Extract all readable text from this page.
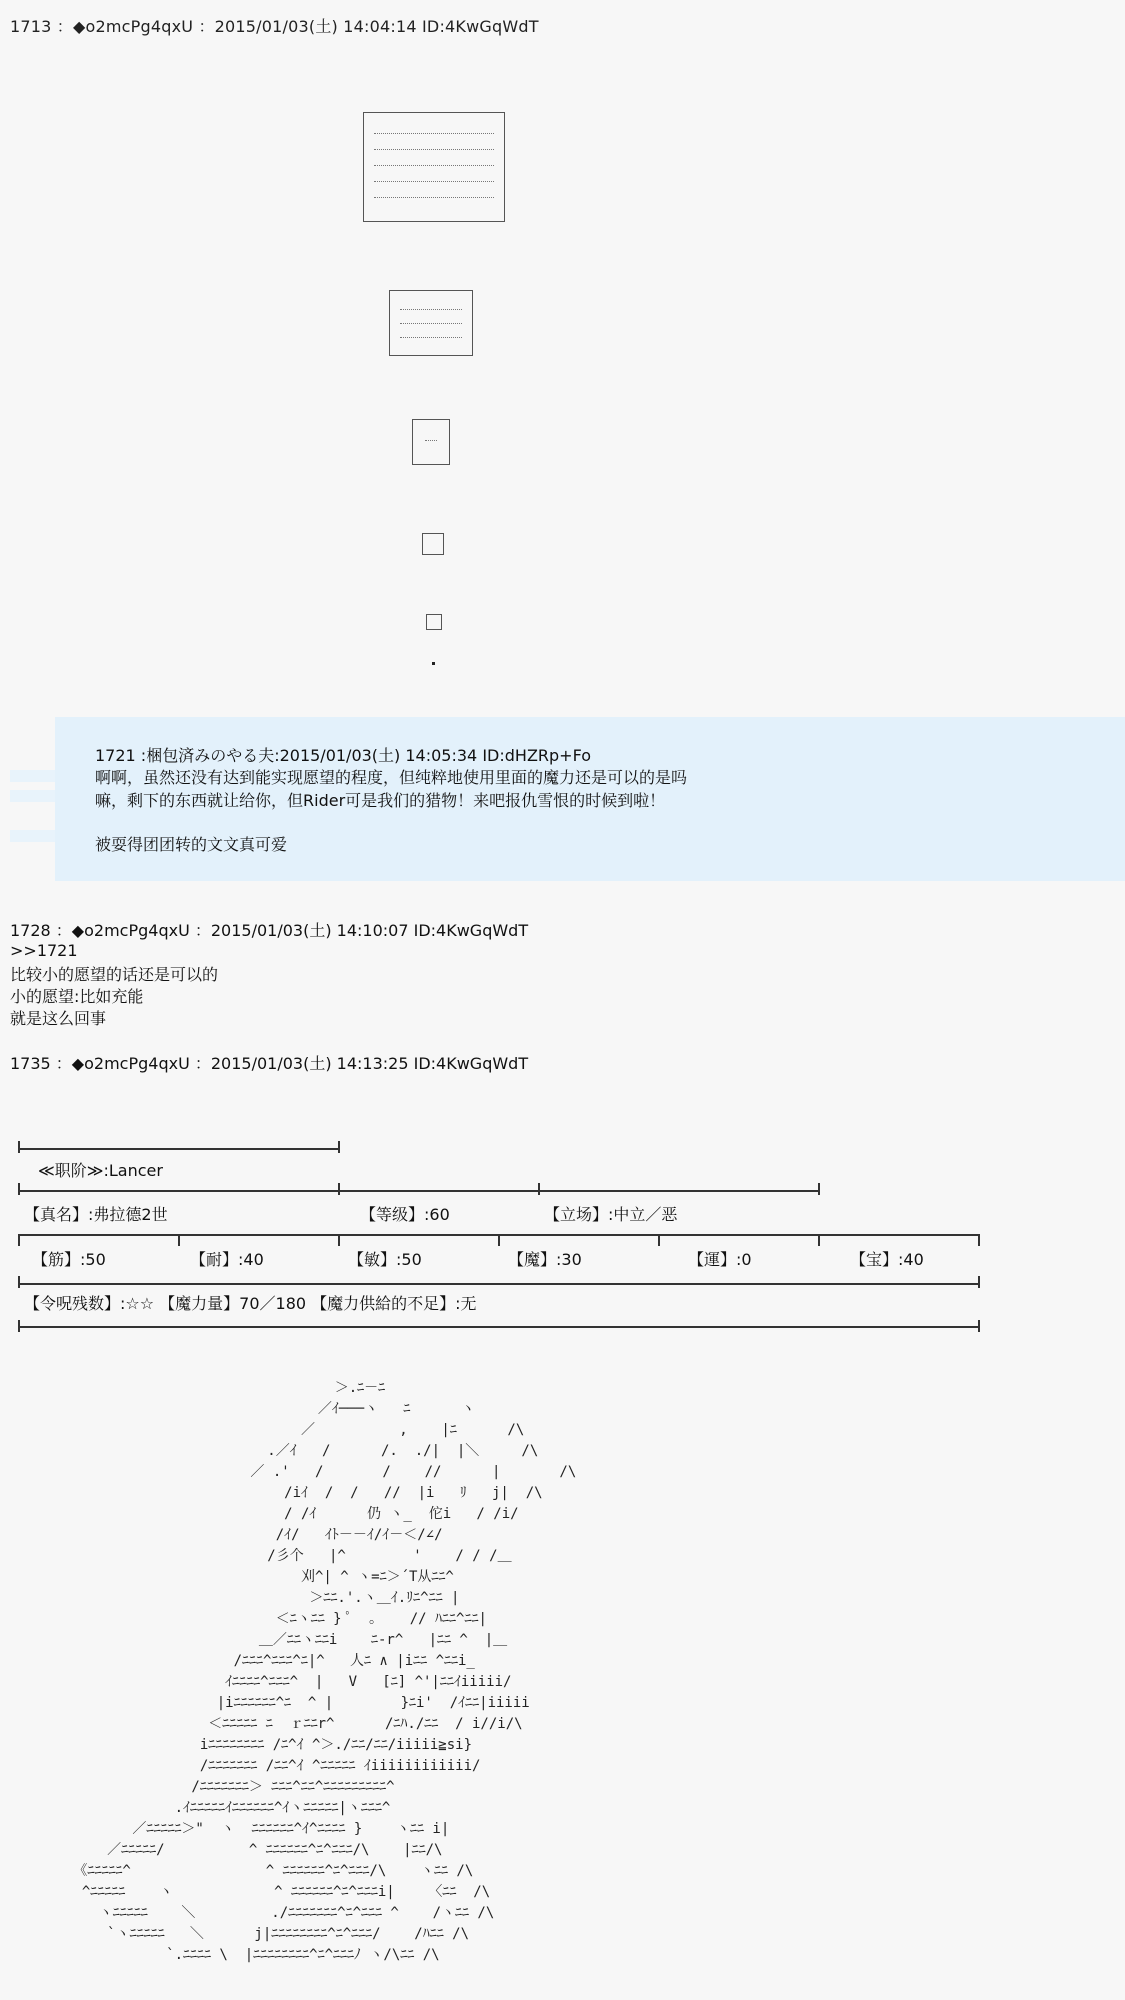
1713 ：◆o2mcPg4qxU ：2015/01/03(土) 14:04:14 ID:4KwGqWdT
1721 :梱包済みのやる夫:2015/01/03(土) 14:05:34 ID:dHZRp+Fo
啊啊，虽然还没有达到能实现愿望的程度，但纯粹地使用里面的魔力还是可以的是吗
嘛，剩下的东西就让给你，但Rider可是我们的猎物！来吧报仇雪恨的时候到啦！
被耍得团团转的文文真可爱
1728 ：◆o2mcPg4qxU ：2015/01/03(土) 14:10:07 ID:4KwGqWdT
>>1721
比较小的愿望的话还是可以的
小的愿望:比如充能
就是这么回事
1735 ：◆o2mcPg4qxU ：2015/01/03(土) 14:13:25 ID:4KwGqWdT
≪职阶≫:Lancer
【真名】:弗拉德2世	【等级】:60	【立场】:中立／恶
【筋】:50	【耐】:40	【敏】:50	【魔】:30	【運】:0	【宝】:40
【令呪残数】:☆☆ 【魔力量】70／180 【魔力供給的不足】:无
＞.ﾆ－ﾆ
／ｲ───ヽ   ﾆ      ヽ
／          ,    |ﾆ      /\
.／ｲ   /      /.  ./|  |＼     /\
／ .'   /       /    //      |       /\
/iｲ  /  /   //  |i   ﾘ   j|  /\
/ /ｲ      仍 ヽ_  佗i   / /i/
/ｲ/   ｲﾄ－－ｲ/ｲ－＜/∠/
/彡个   |^        '    / / /＿
刈^| ^ ヽ=ﾆ＞´T从ﾆﾆ^
＞ﾆﾆ.'.ヽ＿ｲ.ﾘﾆ^ﾆﾆ |
＜ﾆヽﾆﾆ } ﾟ  ｡    // ﾊﾆﾆ^ﾆﾆ|
＿／ﾆﾆヽﾆﾆi    ﾆ-r^   |ﾆﾆ ^  |＿
/ﾆﾆﾆ^ﾆﾆﾆ^ﾆ|^   人ﾆ ∧ |iﾆﾆ ^ﾆﾆi_
ｲﾆﾆﾆﾆ^ﾆﾆﾆ^  |   V   [ﾆ] ^'|ﾆﾆｲiiiii/
|iﾆﾆﾆﾆﾆﾆ^ﾆ  ^ |        }ﾆi'  /ｲﾆﾆ|iiiii
＜ﾆﾆﾆﾆﾆ ﾆ  ｒﾆﾆr^      /ﾆﾊ./ﾆﾆ  / i//i/\
iﾆﾆﾆﾆﾆﾆﾆﾆ /ﾆ^ｲ ^＞./ﾆﾆ/ﾆﾆ/iiiii≧si}
/ﾆﾆﾆﾆﾆﾆﾆ /ﾆﾆ^ｲ ^ﾆﾆﾆﾆﾆ ｲiiiiiiiiiiii/
/ﾆﾆﾆﾆﾆﾆﾆ＞ ﾆﾆﾆ^ﾆﾆ^ﾆﾆﾆﾆﾆﾆﾆﾆﾆ^
.ｲﾆﾆﾆﾆﾆｲﾆﾆﾆﾆﾆﾆ^ｲヽﾆﾆﾆﾆﾆ|ヽﾆﾆﾆ^
／ﾆﾆﾆﾆﾆ＞"  ヽ  ﾆﾆﾆﾆﾆﾆ^ｲ^ﾆﾆﾆﾆ }    ヽﾆﾆ i|
／ﾆﾆﾆﾆﾆ/          ^ ﾆﾆﾆﾆﾆﾆ^ﾆ^ﾆﾆﾆ/\    |ﾆﾆ/\
《ﾆﾆﾆﾆﾆ^                ^ ﾆﾆﾆﾆﾆﾆ^ﾆ^ﾆﾆﾆ/\    ヽﾆﾆ /\
^ﾆﾆﾆﾆﾆ    ヽ            ^ ﾆﾆﾆﾆﾆﾆ^ﾆ^ﾆﾆﾆi|    〈ﾆﾆ  /\
ヽﾆﾆﾆﾆﾆ    ＼         ./ﾆﾆﾆﾆﾆﾆﾆ^ﾆ^ﾆﾆﾆ ^    /ヽﾆﾆ /\
`ヽﾆﾆﾆﾆﾆ   ＼      j|ﾆﾆﾆﾆﾆﾆﾆﾆ^ﾆ^ﾆﾆﾆ/    /ﾊﾆﾆ /\
`.ﾆﾆﾆﾆ \  |ﾆﾆﾆﾆﾆﾆﾆﾆ^ﾆ^ﾆﾆﾆﾉ ヽ/\ﾆﾆ /\
